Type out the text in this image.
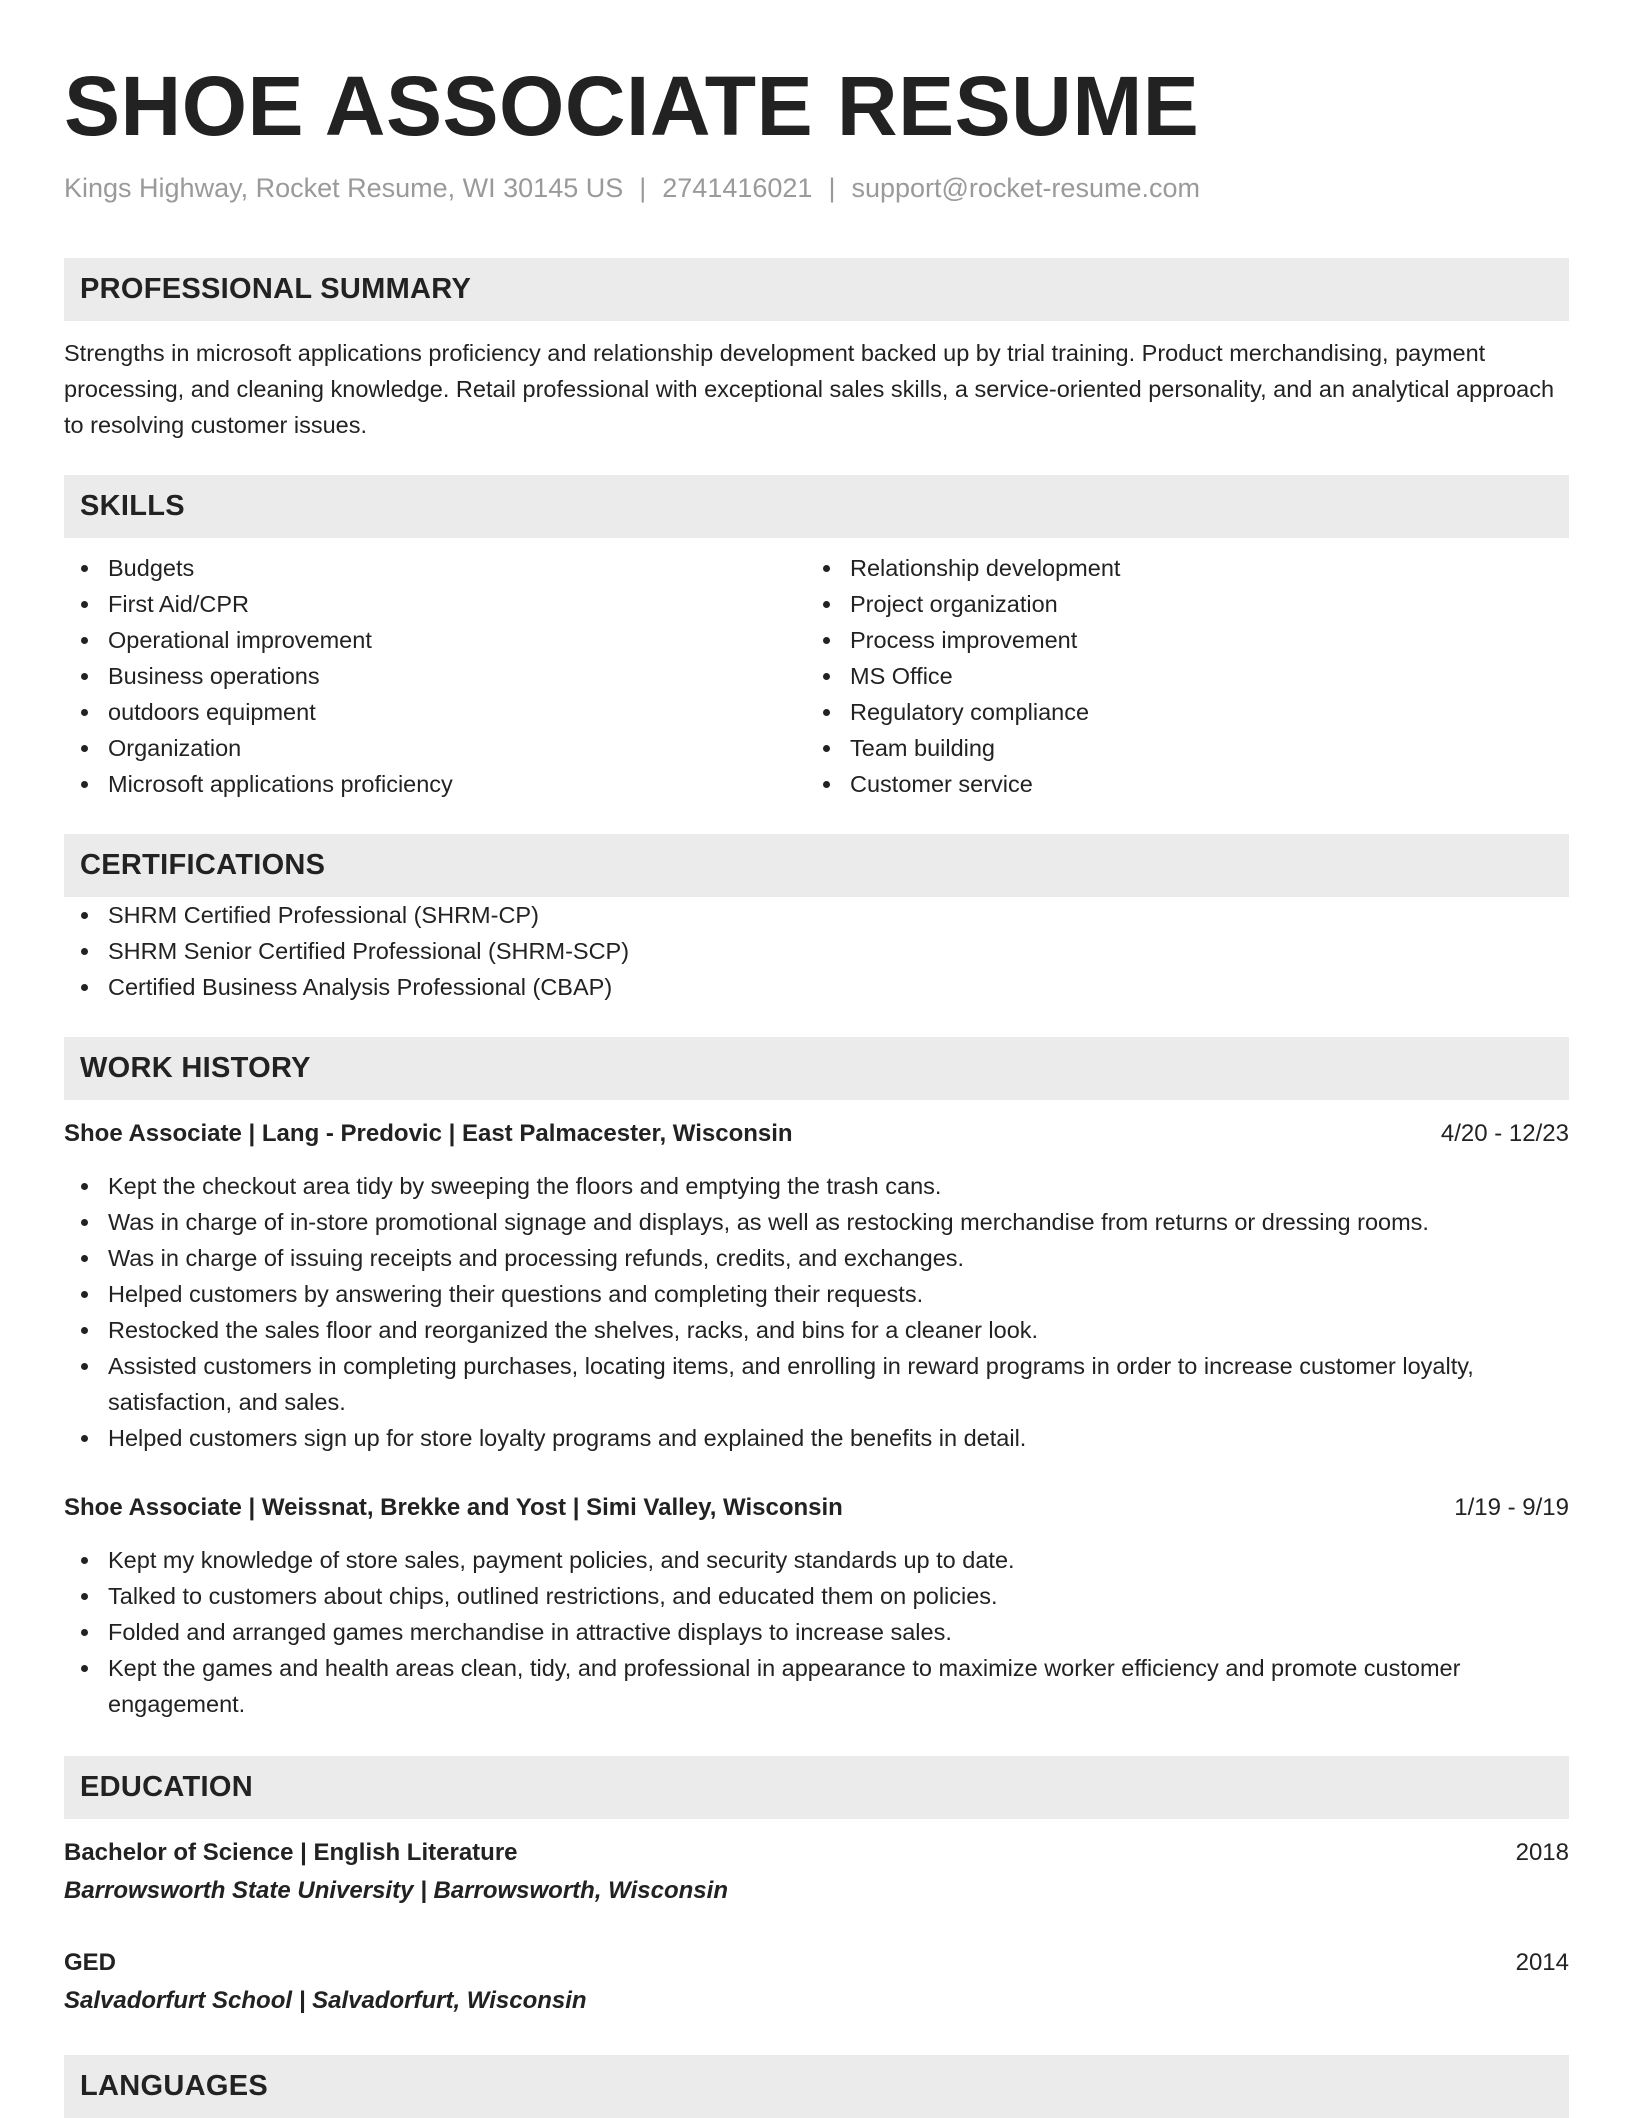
SHOE ASSOCIATE RESUME
Kings Highway, Rocket Resume, WI 30145 US | 2741416021 | support@rocket-resume.com
PROFESSIONAL SUMMARY
Strengths in microsoft applications proficiency and relationship development backed up by trial training. Product merchandising, payment processing, and cleaning knowledge. Retail professional with exceptional sales skills, a service-oriented personality, and an analytical approach to resolving customer issues.
SKILLS
Budgets
First Aid/CPR
Operational improvement
Business operations
outdoors equipment
Organization
Microsoft applications proficiency
Relationship development
Project organization
Process improvement
MS Office
Regulatory compliance
Team building
Customer service
CERTIFICATIONS
SHRM Certified Professional (SHRM-CP)
SHRM Senior Certified Professional (SHRM-SCP)
Certified Business Analysis Professional (CBAP)
WORK HISTORY
Shoe Associate | Lang - Predovic | East Palmacester, Wisconsin	4/20 - 12/23
Kept the checkout area tidy by sweeping the floors and emptying the trash cans.
Was in charge of in-store promotional signage and displays, as well as restocking merchandise from returns or dressing rooms.
Was in charge of issuing receipts and processing refunds, credits, and exchanges.
Helped customers by answering their questions and completing their requests.
Restocked the sales floor and reorganized the shelves, racks, and bins for a cleaner look.
Assisted customers in completing purchases, locating items, and enrolling in reward programs in order to increase customer loyalty, satisfaction, and sales.
Helped customers sign up for store loyalty programs and explained the benefits in detail.
Shoe Associate | Weissnat, Brekke and Yost | Simi Valley, Wisconsin	1/19 - 9/19
Kept my knowledge of store sales, payment policies, and security standards up to date.
Talked to customers about chips, outlined restrictions, and educated them on policies.
Folded and arranged games merchandise in attractive displays to increase sales.
Kept the games and health areas clean, tidy, and professional in appearance to maximize worker efficiency and promote customer engagement.
EDUCATION
Bachelor of Science | English Literature	2018
Barrowsworth State University | Barrowsworth, Wisconsin
GED	2014
Salvadorfurt School | Salvadorfurt, Wisconsin
LANGUAGES
